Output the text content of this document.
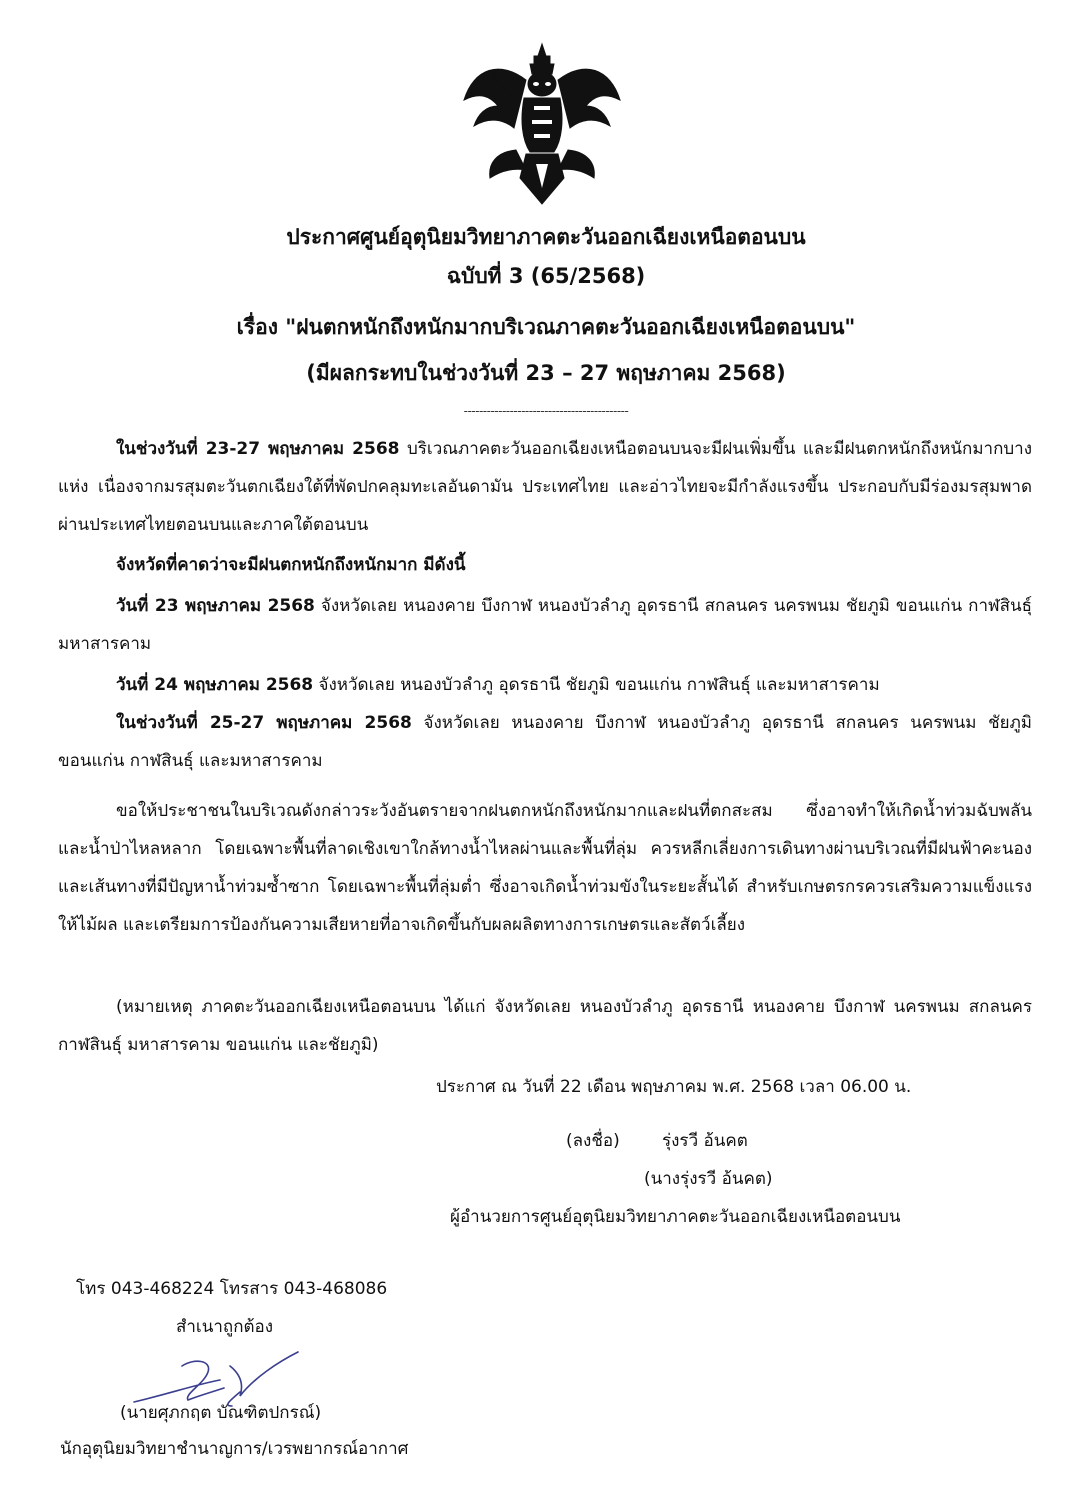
ประกาศศูนย์อุตุนิยมวิทยาภาคตะวันออกเฉียงเหนือตอนบน
ฉบับที่ 3 (65/2568)
เรื่อง "ฝนตกหนักถึงหนักมากบริเวณภาคตะวันออกเฉียงเหนือตอนบน"
(มีผลกระทบในช่วงวันที่ 23 – 27 พฤษภาคม 2568)
-------------------------------------------

ในช่วงวันที่ 23-27 พฤษภาคม 2568 บริเวณภาคตะวันออกเฉียงเหนือตอนบนจะมีฝนเพิ่มขึ้น และมีฝนตกหนักถึงหนักมากบางแห่ง เนื่องจากมรสุมตะวันตกเฉียงใต้ที่พัดปกคลุมทะเลอันดามัน ประเทศไทย และอ่าวไทยจะมีกำลังแรงขึ้น ประกอบกับมีร่องมรสุมพาดผ่านประเทศไทยตอนบนและภาคใต้ตอนบน

จังหวัดที่คาดว่าจะมีฝนตกหนักถึงหนักมาก มีดังนี้

วันที่ 23 พฤษภาคม 2568 จังหวัดเลย หนองคาย บึงกาฬ หนองบัวลำภู อุดรธานี สกลนคร นครพนม ชัยภูมิ ขอนแก่น กาฬสินธุ์ มหาสารคาม

วันที่ 24 พฤษภาคม 2568 จังหวัดเลย หนองบัวลำภู อุดรธานี ชัยภูมิ ขอนแก่น กาฬสินธุ์ และมหาสารคาม

ในช่วงวันที่ 25-27 พฤษภาคม 2568 จังหวัดเลย หนองคาย บึงกาฬ หนองบัวลำภู อุดรธานี สกลนคร นครพนม ชัยภูมิ ขอนแก่น กาฬสินธุ์ และมหาสารคาม

ขอให้ประชาชนในบริเวณดังกล่าวระวังอันตรายจากฝนตกหนักถึงหนักมากและฝนที่ตกสะสม ซึ่งอาจทำให้เกิดน้ำท่วมฉับพลันและน้ำป่าไหลหลาก โดยเฉพาะพื้นที่ลาดเชิงเขาใกล้ทางน้ำไหลผ่านและพื้นที่ลุ่ม ควรหลีกเลี่ยงการเดินทางผ่านบริเวณที่มีฝนฟ้าคะนอง และเส้นทางที่มีปัญหาน้ำท่วมซ้ำซาก โดยเฉพาะพื้นที่ลุ่มต่ำ ซึ่งอาจเกิดน้ำท่วมขังในระยะสั้นได้ สำหรับเกษตรกรควรเสริมความแข็งแรงให้ไม้ผล และเตรียมการป้องกันความเสียหายที่อาจเกิดขึ้นกับผลผลิตทางการเกษตรและสัตว์เลี้ยง

(หมายเหตุ ภาคตะวันออกเฉียงเหนือตอนบน ได้แก่ จังหวัดเลย หนองบัวลำภู อุดรธานี หนองคาย บึงกาฬ นครพนม สกลนคร กาฬสินธุ์ มหาสารคาม ขอนแก่น และชัยภูมิ)

ประกาศ ณ วันที่ 22 เดือน พฤษภาคม พ.ศ. 2568 เวลา 06.00 น.
(ลงชื่อ) รุ่งรวี อ้นคต
(นางรุ่งรวี อ้นคต)
ผู้อำนวยการศูนย์อุตุนิยมวิทยาภาคตะวันออกเฉียงเหนือตอนบน
โทร 043-468224 โทรสาร 043-468086
สำเนาถูกต้อง
(นายศุภกฤต บัณฑิตปกรณ์)
นักอุตุนิยมวิทยาชำนาญการ/เวรพยากรณ์อากาศ
